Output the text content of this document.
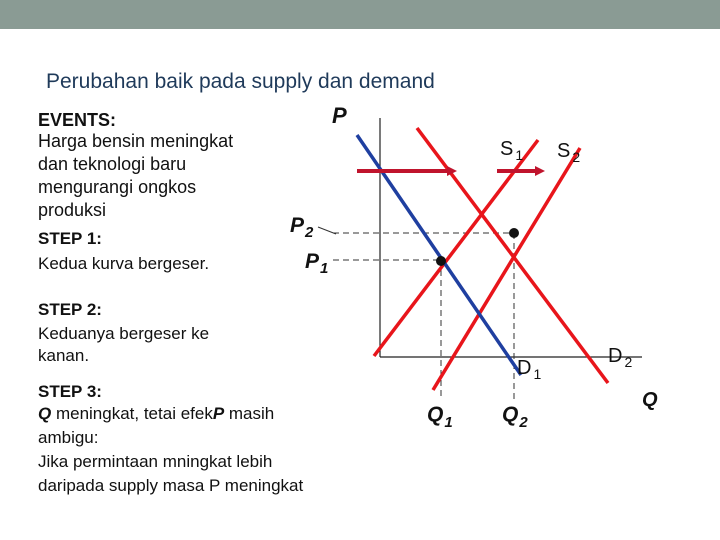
Perubahan baik pada supply dan demand
EVENTS:
Harga bensin meningkat
dan teknologi baru
mengurangi ongkos
produksi
STEP 1:
Kedua kurva bergeser.
STEP 2:
Keduanya bergeser ke
kanan.
STEP 3:
Q meningkat, tetai efekP masih
ambigu:
Jika permintaan mningkat lebih
daripada supply masa P meningkat
P
Q
S $_1$ S $_2$
D $_1$
D $_2$
$P_2$
$P_1$
$Q_1$ $Q_2$
